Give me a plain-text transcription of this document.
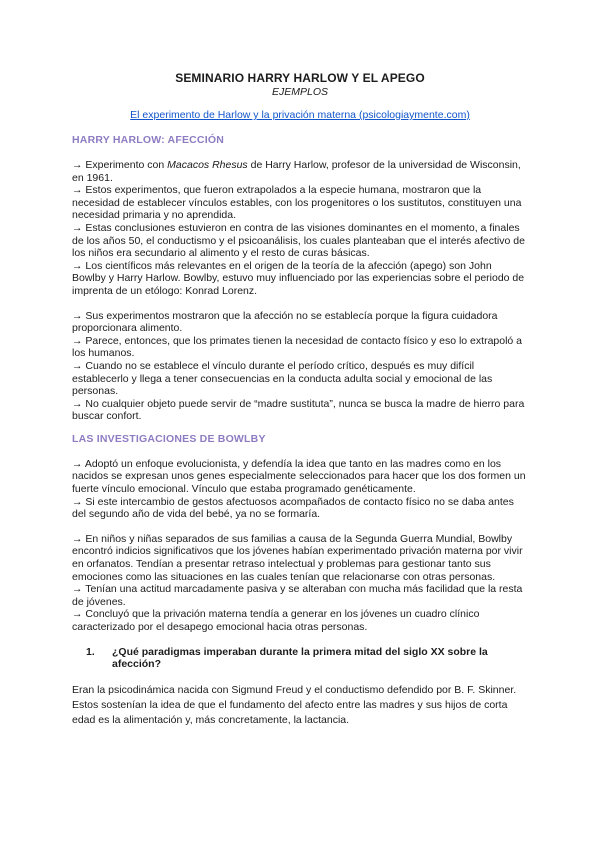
SEMINARIO HARRY HARLOW Y EL APEGO

EJEMPLOS

El experimento de Harlow y la privación materna (psicologiaymente.com)
HARRY HARLOW: AFECCIÓN

→ Experimento con Macacos Rhesus de Harry Harlow, profesor de la universidad de Wisconsin, en 1961.

→ Estos experimentos, que fueron extrapolados a la especie humana, mostraron que la necesidad de establecer vínculos estables, con los progenitores o los sustitutos, constituyen una necesidad primaria y no aprendida.

→ Estas conclusiones estuvieron en contra de las visiones dominantes en el momento, a finales de los años 50, el conductismo y el psicoanálisis, los cuales planteaban que el interés afectivo de los niños era secundario al alimento y el resto de curas básicas.

→ Los científicos más relevantes en el origen de la teoría de la afección (apego) son John Bowlby y Harry Harlow. Bowlby, estuvo muy influenciado por las experiencias sobre el periodo de imprenta de un etólogo: Konrad Lorenz.

→ Sus experimentos mostraron que la afección no se establecía porque la figura cuidadora proporcionara alimento.

→ Parece, entonces, que los primates tienen la necesidad de contacto físico y eso lo extrapoló a los humanos.

→ Cuando no se establece el vínculo durante el período crítico, después es muy difícil establecerlo y llega a tener consecuencias en la conducta adulta social y emocional de las personas.

→ No cualquier objeto puede servir de “madre sustituta”, nunca se busca la madre de hierro para buscar confort.

LAS INVESTIGACIONES DE BOWLBY

→ Adoptó un enfoque evolucionista, y defendía la idea que tanto en las madres como en los nacidos se expresan unos genes especialmente seleccionados para hacer que los dos formen un fuerte vínculo emocional. Vínculo que estaba programado genéticamente.

→ Si este intercambio de gestos afectuosos acompañados de contacto físico no se daba antes del segundo año de vida del bebé, ya no se formaría.

→ En niños y niñas separados de sus familias a causa de la Segunda Guerra Mundial, Bowlby encontró indicios significativos que los jóvenes habían experimentado privación materna por vivir en orfanatos. Tendían a presentar retraso intelectual y problemas para gestionar tanto sus emociones como las situaciones en las cuales tenían que relacionarse con otras personas.

→ Tenían una actitud marcadamente pasiva y se alteraban con mucha más facilidad que la resta de jóvenes.

→ Concluyó que la privación materna tendía a generar en los jóvenes un cuadro clínico caracterizado por el desapego emocional hacia otras personas.

1.	¿Qué paradigmas imperaban durante la primera mitad del siglo XX sobre la afección?

Eran la psicodinámica nacida con Sigmund Freud y el conductismo defendido por B. F. Skinner. Estos sostenían la idea de que el fundamento del afecto entre las madres y sus hijos de corta edad es la alimentación y, más concretamente, la lactancia.
